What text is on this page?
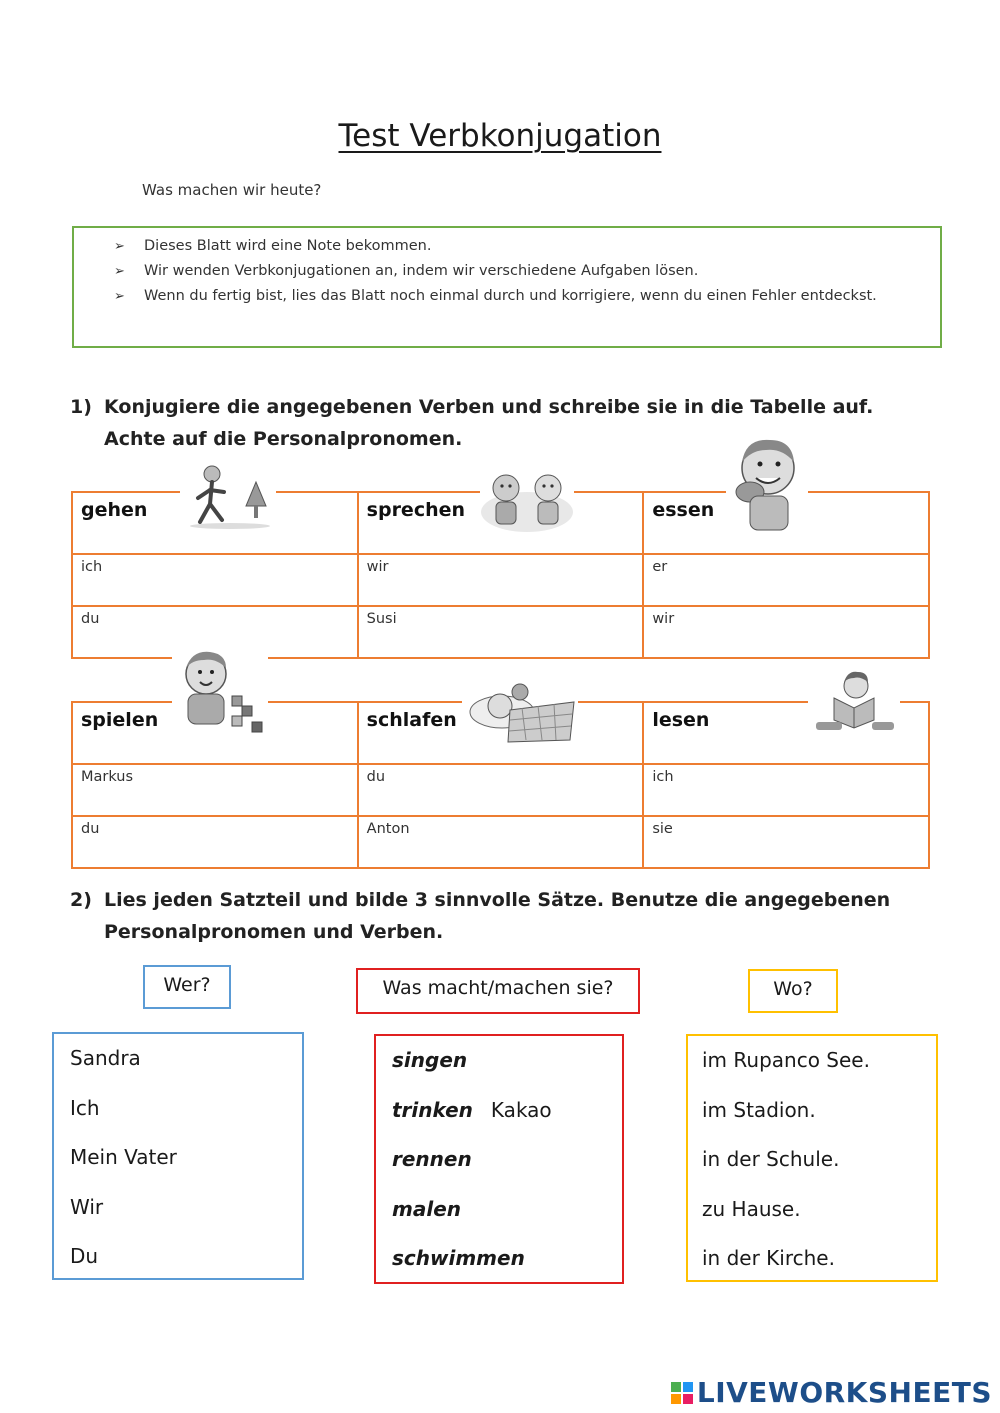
Test Verbkonjugation
Was machen wir heute?
➢ Dieses Blatt wird eine Note bekommen.
➢ Wir wenden Verbkonjugationen an, indem wir verschiedene Aufgaben lösen.
➢ Wenn du fertig bist, lies das Blatt noch einmal durch und korrigiere, wenn du einen Fehler entdeckst.
1) Konjugiere die angegebenen Verben und schreibe sie in die Tabelle auf.
Achte auf die Personalpronomen.
gehen	sprechen	essen
ich	wir	er
du	Susi	wir
spielen	schlafen	lesen
Markus	du	ich
du	Anton	sie
2) Lies jeden Satzteil und bilde 3 sinnvolle Sätze. Benutze die angegebenen
Personalpronomen und Verben.
Wer?	Was macht/machen sie?	Wo?
Sandra
Ich
Mein Vater
Wir
Du
singen
trinken Kakao
rennen
malen
schwimmen
im Rupanco See.
im Stadion.
in der Schule.
zu Hause.
in der Kirche.
LIVEWORKSHEETS
